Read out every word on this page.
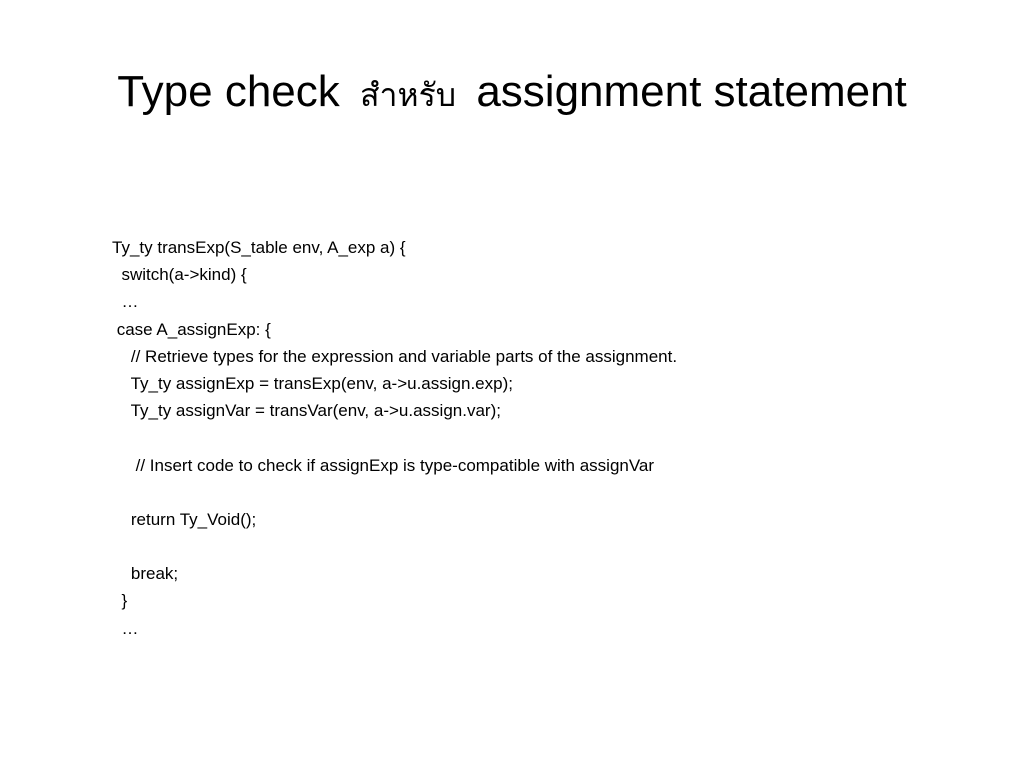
Type check สำหรับ assignment statement
Ty_ty transExp(S_table env, A_exp a) {
switch(a->kind) {
…
case A_assignExp: {
// Retrieve types for the expression and variable parts of the assignment.
Ty_ty assignExp = transExp(env, a->u.assign.exp);
Ty_ty assignVar = transVar(env, a->u.assign.var);
// Insert code to check if assignExp is type-compatible with assignVar
return Ty_Void();
break;
}
…
